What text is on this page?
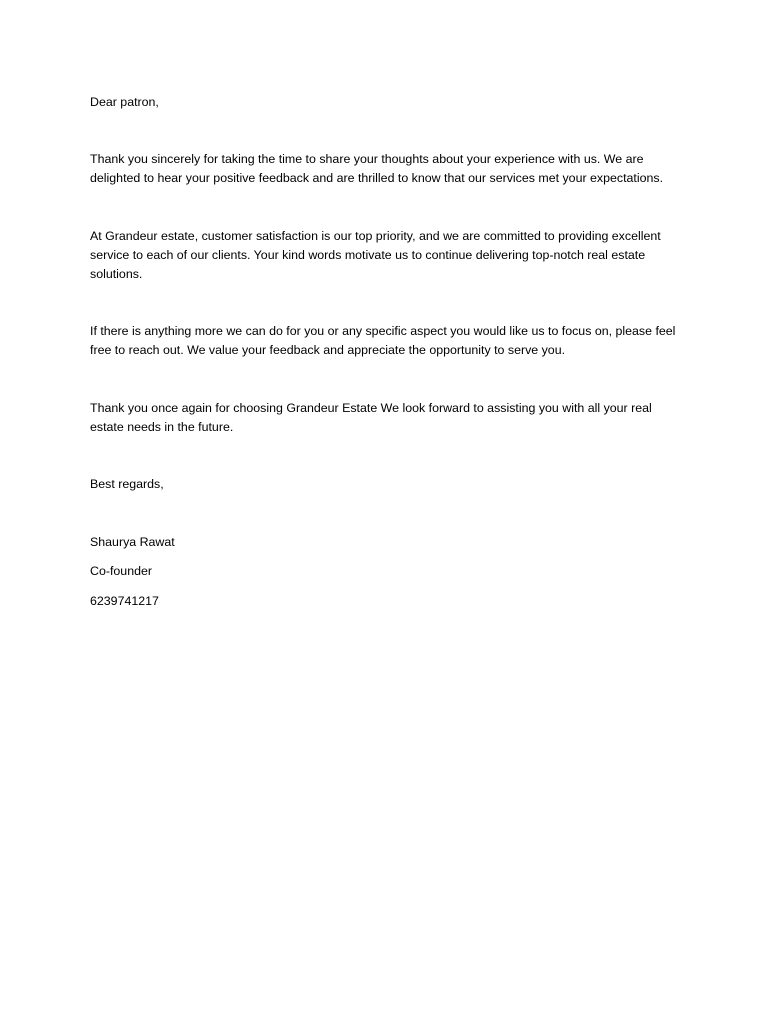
Dear patron,

Thank you sincerely for taking the time to share your thoughts about your experience with us. We are delighted to hear your positive feedback and are thrilled to know that our services met your expectations.

At Grandeur estate, customer satisfaction is our top priority, and we are committed to providing excellent service to each of our clients. Your kind words motivate us to continue delivering top-notch real estate solutions.

If there is anything more we can do for you or any specific aspect you would like us to focus on, please feel free to reach out. We value your feedback and appreciate the opportunity to serve you.

Thank you once again for choosing Grandeur Estate We look forward to assisting you with all your real estate needs in the future.

Best regards,

Shaurya Rawat

Co-founder

6239741217
